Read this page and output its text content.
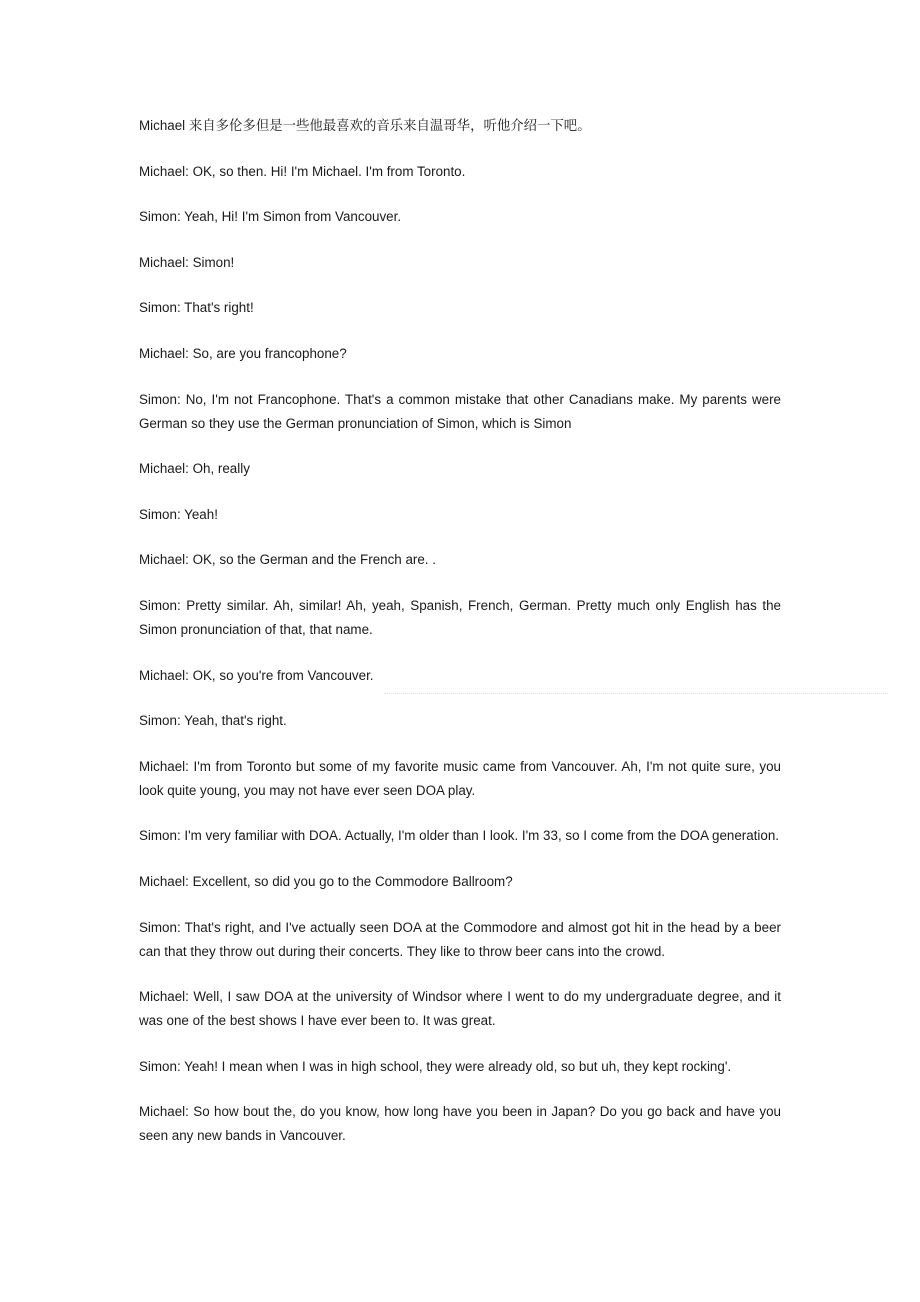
Michael 来自多伦多但是一些他最喜欢的音乐来自温哥华，听他介绍一下吧。

Michael: OK, so then. Hi! I'm Michael. I'm from Toronto.

Simon: Yeah, Hi! I'm Simon from Vancouver.

Michael: Simon!

Simon: That's right!

Michael: So, are you francophone?

Simon: No, I'm not Francophone. That's a common mistake that other Canadians make. My parents were German so they use the German pronunciation of Simon, which is Simon

Michael: Oh, really

Simon: Yeah!

Michael: OK, so the German and the French are. .

Simon: Pretty similar. Ah, similar! Ah, yeah, Spanish, French, German. Pretty much only English has the Simon pronunciation of that, that name.

Michael: OK, so you're from Vancouver.

Simon: Yeah, that's right.

Michael: I'm from Toronto but some of my favorite music came from Vancouver. Ah, I'm not quite sure, you look quite young, you may not have ever seen DOA play.

Simon: I'm very familiar with DOA. Actually, I'm older than I look. I'm 33, so I come from the DOA generation.

Michael: Excellent, so did you go to the Commodore Ballroom?

Simon: That's right, and I've actually seen DOA at the Commodore and almost got hit in the head by a beer can that they throw out during their concerts. They like to throw beer cans into the crowd.

Michael: Well, I saw DOA at the university of Windsor where I went to do my undergraduate degree, and it was one of the best shows I have ever been to. It was great.

Simon: Yeah! I mean when I was in high school, they were already old, so but uh, they kept rocking'.

Michael: So how bout the, do you know, how long have you been in Japan? Do you go back and have you seen any new bands in Vancouver.
